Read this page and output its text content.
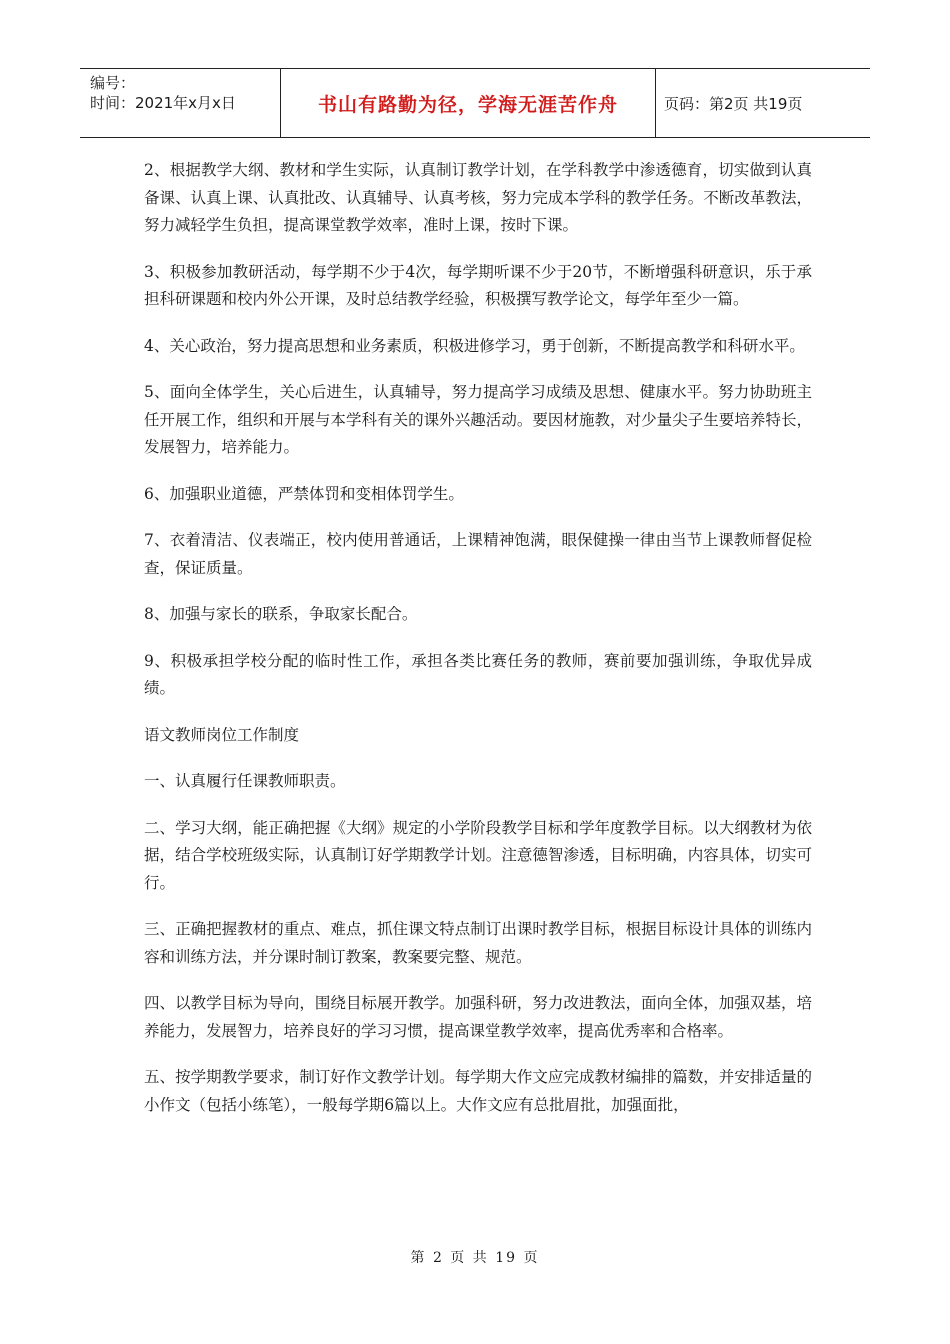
编号：
时间：2021年x月x日	书山有路勤为径，学海无涯苦作舟	页码：第2页 共19页

2、根据教学大纲、教材和学生实际，认真制订教学计划，在学科教学中渗透德育，切实做到认真备课、认真上课、认真批改、认真辅导、认真考核，努力完成本学科的教学任务。不断改革教法，努力减轻学生负担，提高课堂教学效率，准时上课，按时下课。

3、积极参加教研活动，每学期不少于4次，每学期听课不少于20节，不断增强科研意识，乐于承担科研课题和校内外公开课，及时总结教学经验，积极撰写教学论文，每学年至少一篇。

4、关心政治，努力提高思想和业务素质，积极进修学习，勇于创新，不断提高教学和科研水平。

5、面向全体学生，关心后进生，认真辅导，努力提高学习成绩及思想、健康水平。努力协助班主任开展工作，组织和开展与本学科有关的课外兴趣活动。要因材施教，对少量尖子生要培养特长，发展智力，培养能力。

6、加强职业道德，严禁体罚和变相体罚学生。

7、衣着清洁、仪表端正，校内使用普通话，上课精神饱满，眼保健操一律由当节上课教师督促检查，保证质量。

8、加强与家长的联系，争取家长配合。

9、积极承担学校分配的临时性工作，承担各类比赛任务的教师，赛前要加强训练，争取优异成绩。

语文教师岗位工作制度

一、认真履行任课教师职责。

二、学习大纲，能正确把握《大纲》规定的小学阶段教学目标和学年度教学目标。以大纲教材为依据，结合学校班级实际，认真制订好学期教学计划。注意德智渗透，目标明确，内容具体，切实可行。

三、正确把握教材的重点、难点，抓住课文特点制订出课时教学目标，根据目标设计具体的训练内容和训练方法，并分课时制订教案，教案要完整、规范。

四、以教学目标为导向，围绕目标展开教学。加强科研，努力改进教法，面向全体，加强双基，培养能力，发展智力，培养良好的学习习惯，提高课堂教学效率，提高优秀率和合格率。

五、按学期教学要求，制订好作文教学计划。每学期大作文应完成教材编排的篇数，并安排适量的小作文（包括小练笔），一般每学期6篇以上。大作文应有总批眉批，加强面批，

第 2 页 共 19 页
